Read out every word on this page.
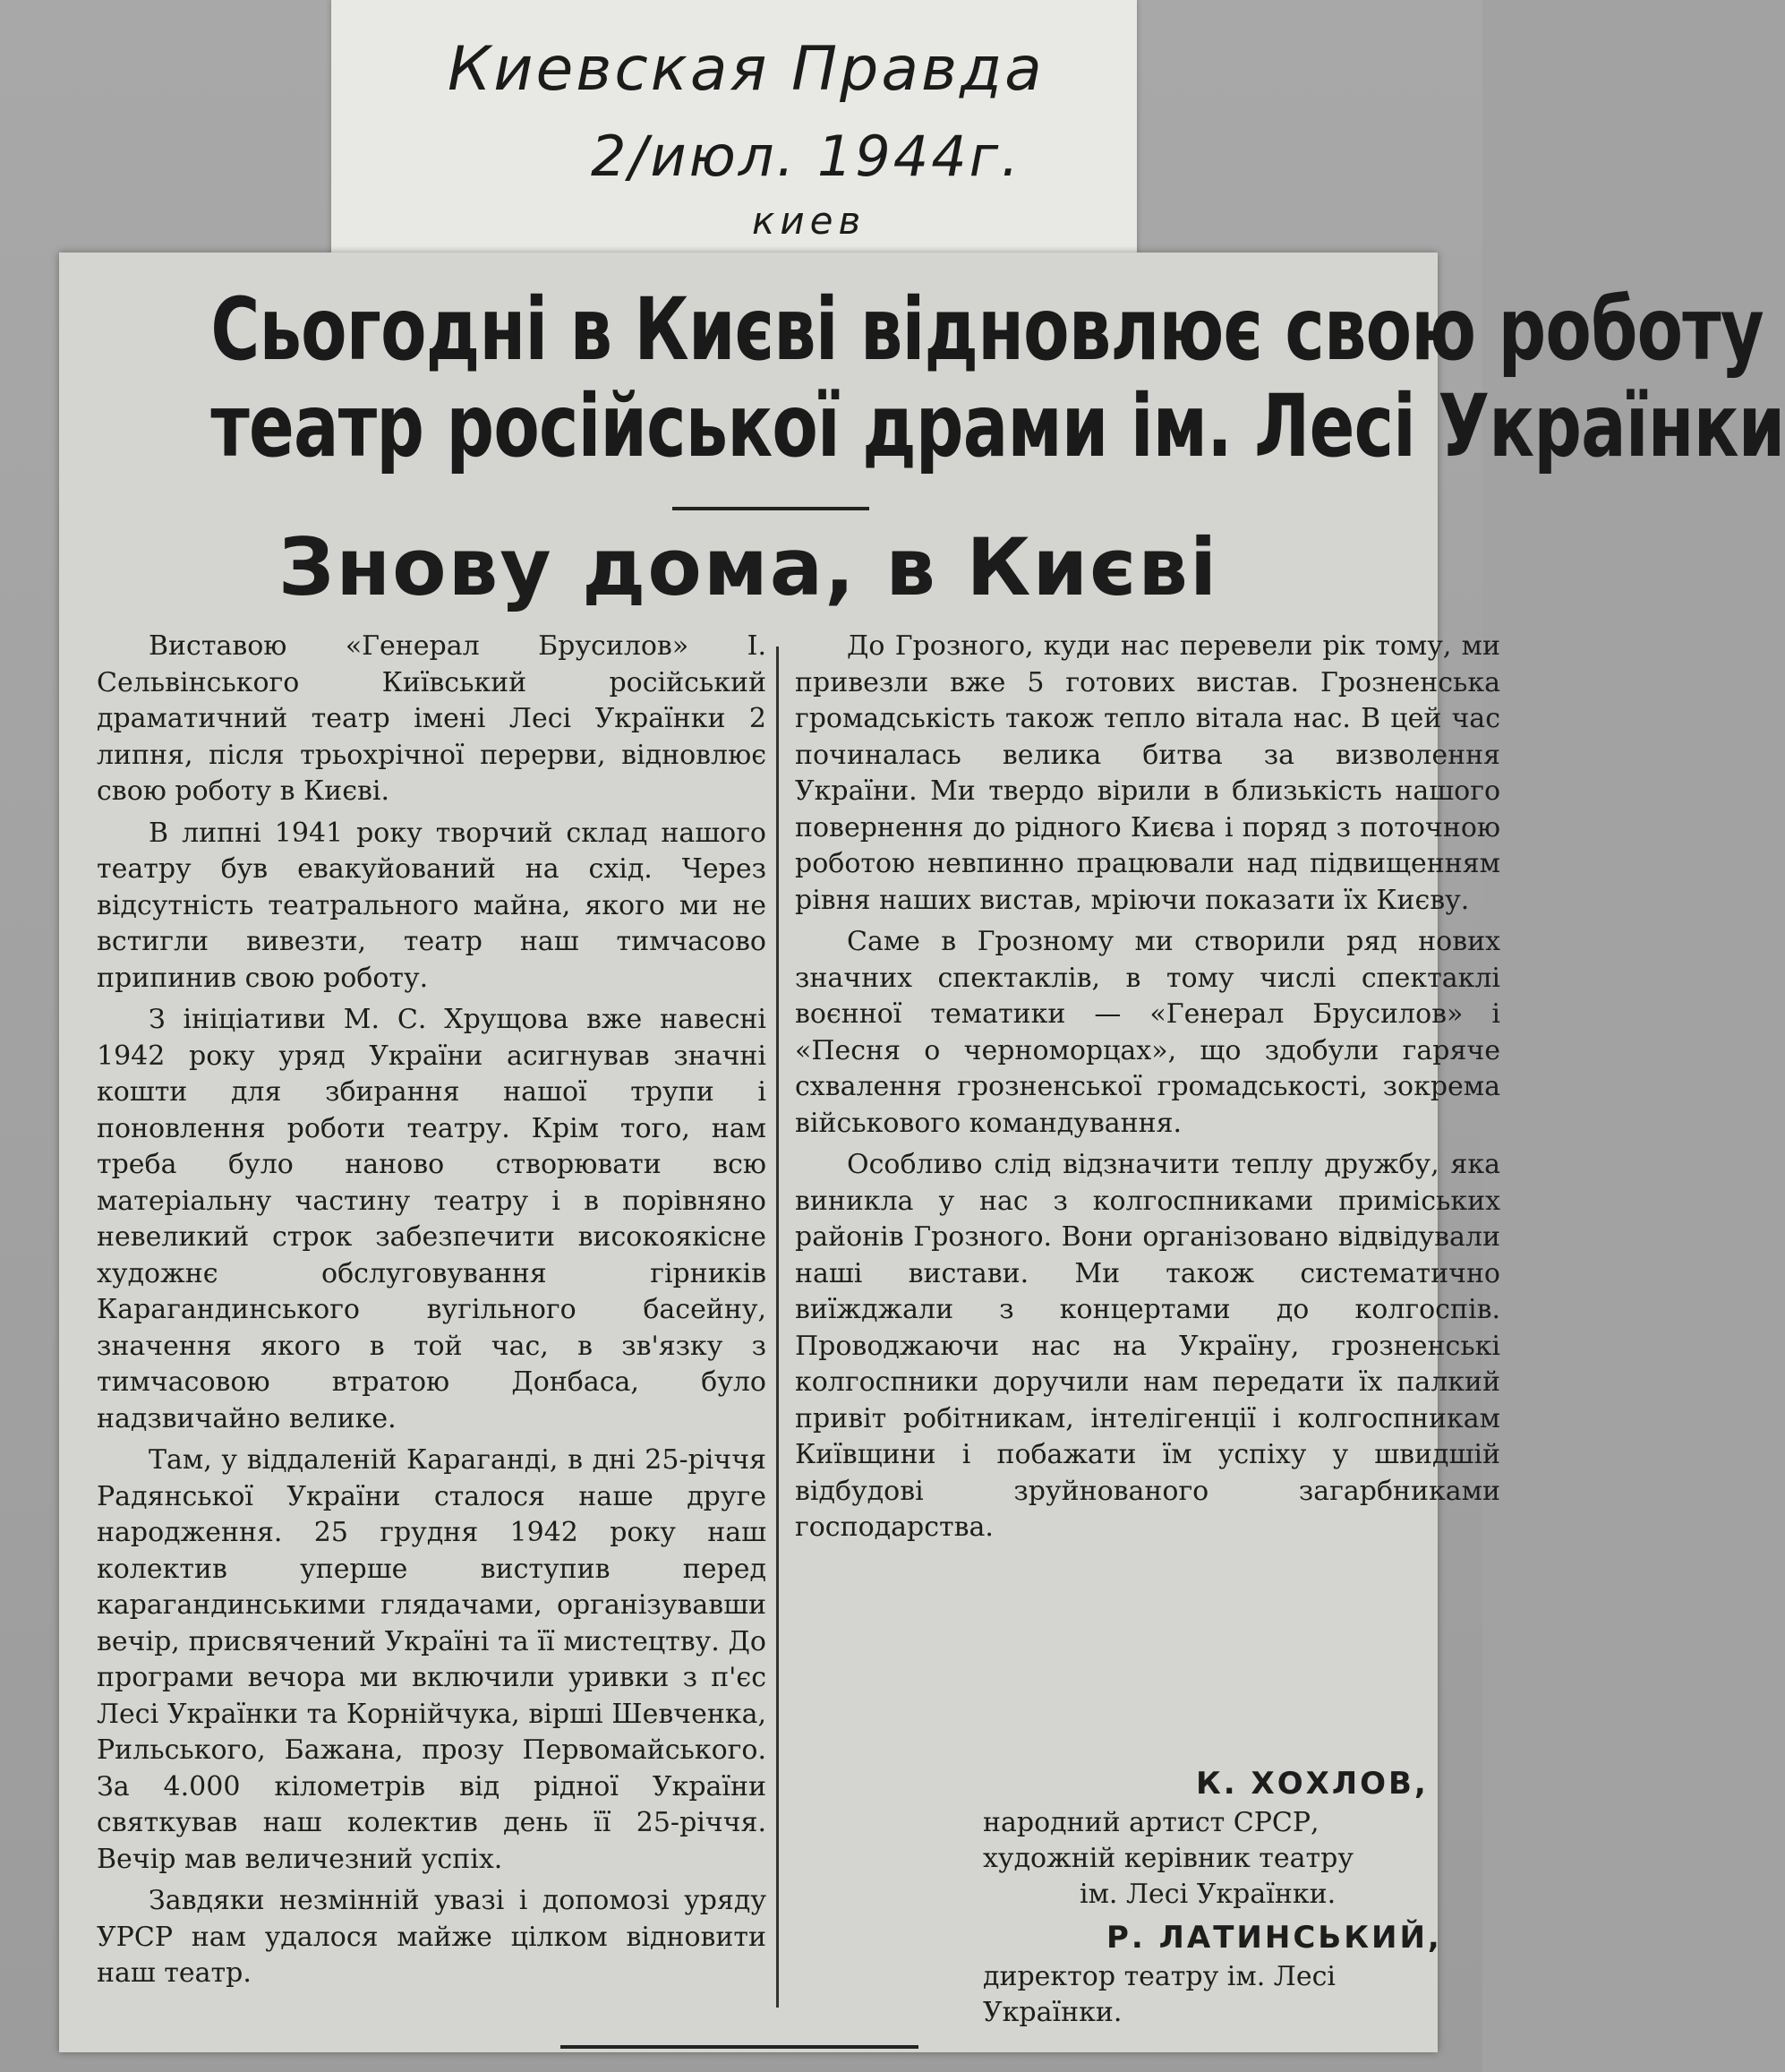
Киевская Правда
2/июл. 1944г.
киев
Сьогодні в Києві відновлює свою роботу
театр російської драми ім. Лесі Українки
Знову дома, в Києві

Виставою «Генерал Брусилов» І. Сельвінського Київський російський драматичний театр імені Лесі Українки 2 липня, після трьохрічної перерви, відновлює свою роботу в Києві.

В липні 1941 року творчий склад нашого театру був евакуйований на схід. Через відсутність театрального майна, якого ми не встигли вивезти, театр наш тимчасово припинив свою роботу.

З ініціативи М. С. Хрущова вже навесні 1942 року уряд України асигнував значні кошти для збирання нашої трупи і поновлення роботи театру. Крім того, нам треба було наново створювати всю матеріальну частину театру і в порівняно невеликий строк забезпечити високоякісне художнє обслуговування гірників Карагандинського вугільного басейну, значення якого в той час, в зв'язку з тимчасовою втратою Донбаса, було надзвичайно велике.

Там, у віддаленій Караганді, в дні 25-річчя Радянської України сталося наше друге народження. 25 грудня 1942 року наш колектив уперше виступив перед карагандинськими глядачами, організувавши вечір, присвячений Україні та її мистецтву. До програми вечора ми включили уривки з п'єс Лесі Українки та Корнійчука, вірші Шевченка, Рильського, Бажана, прозу Первомайського. За 4.000 кілометрів від рідної України святкував наш колектив день її 25-річчя. Вечір мав величезний успіх.

Завдяки незмінній увазі і допомозі уряду УРСР нам удалося майже цілком відновити наш театр.

До Грозного, куди нас перевели рік тому, ми привезли вже 5 готових вистав. Грозненська громадськість також тепло вітала нас. В цей час починалась велика битва за визволення України. Ми твердо вірили в близькість нашого повернення до рідного Києва і поряд з поточною роботою невпинно працювали над підвищенням рівня наших вистав, мріючи показати їх Києву.

Саме в Грозному ми створили ряд нових значних спектаклів, в тому числі спектаклі воєнної тематики — «Генерал Брусилов» і «Песня о черноморцах», що здобули гаряче схвалення грозненської громадськості, зокрема військового командування.

Особливо слід відзначити теплу дружбу, яка виникла у нас з колгоспниками приміських районів Грозного. Вони організовано відвідували наші вистави. Ми також систематично виїжджали з концертами до колгоспів. Проводжаючи нас на Україну, грозненські колгоспники доручили нам передати їх палкий привіт робітникам, інтелігенції і колгоспникам Київщини і побажати їм успіху у швидшій відбудові зруйнованого загарбниками господарства.

К. ХОХЛОВ,
народний артист СРСР,
художній керівник театру
ім. Лесі Українки.
Р. ЛАТИНСЬКИЙ,
директор театру ім. Лесі
Українки.
